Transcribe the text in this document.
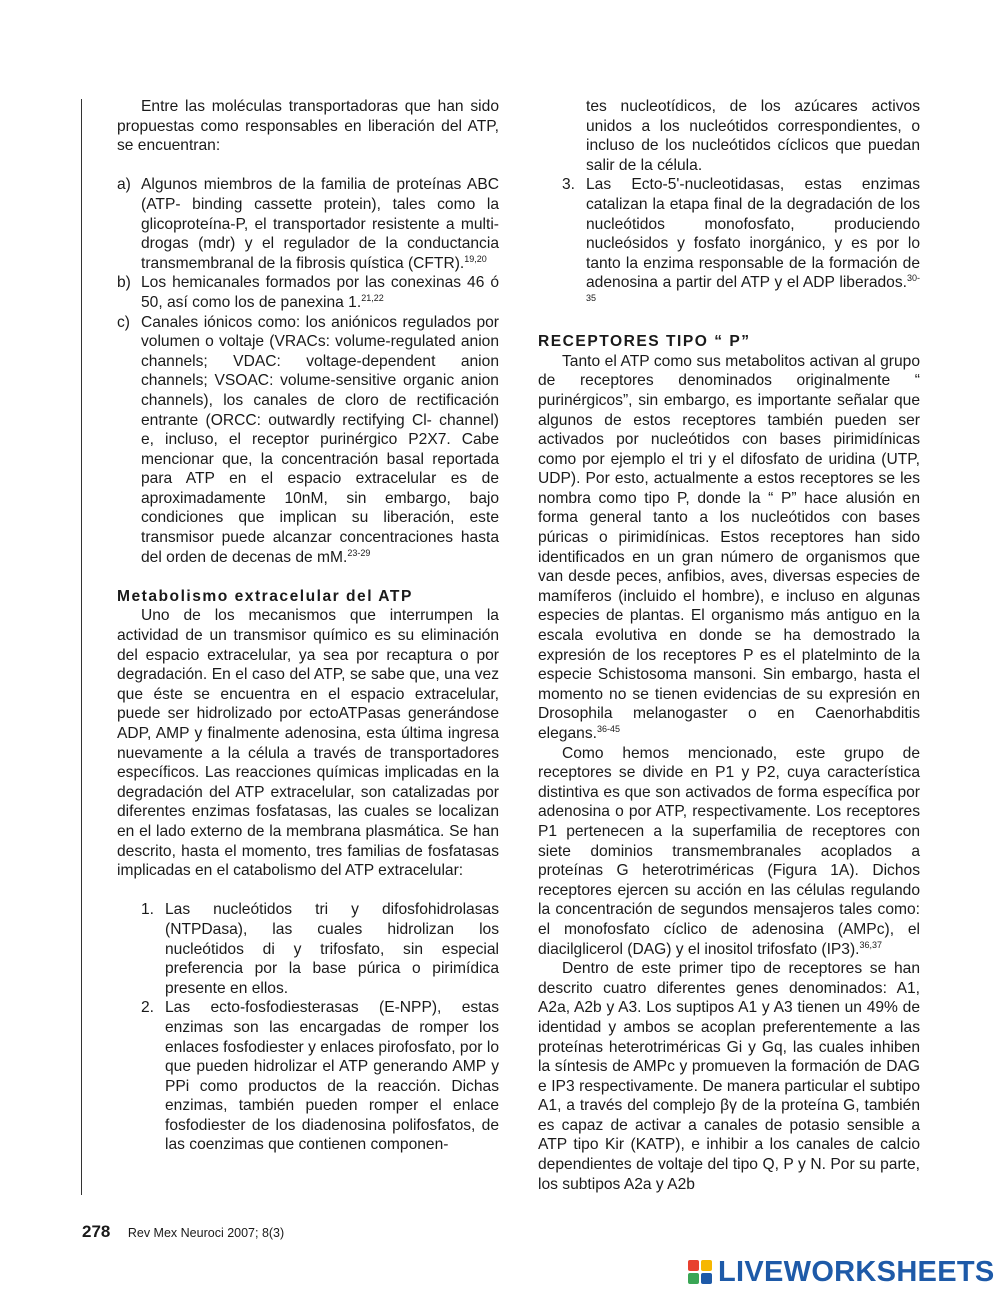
Entre las moléculas transportadoras que han sido propuestas como responsables en liberación del ATP, se encuentran:

a) Algunos miembros de la familia de proteínas ABC (ATP- binding cassette protein), tales como la glicoproteína-P, el transportador resistente a multi-drogas (mdr) y el regulador de la conductancia transmembranal de la fibrosis quística (CFTR).$^{19,20}$
b) Los hemicanales formados por las conexinas 46 ó 50, así como los de panexina 1.$^{21,22}$
c) Canales iónicos como: los aniónicos regulados por volumen o voltaje (VRACs: volume-regulated anion channels; VDAC: voltage-dependent anion channels; VSOAC: volume-sensitive organic anion channels), los canales de cloro de rectificación entrante (ORCC: outwardly rectifying Cl- channel) e, incluso, el receptor purinérgico P2X7. Cabe mencionar que, la concentración basal reportada para ATP en el espacio extracelular es de aproximadamente 10nM, sin embargo, bajo condiciones que implican su liberación, este transmisor puede alcanzar concentraciones hasta del orden de decenas de mM.$^{23-29}$

Metabolismo extracelular del ATP

Uno de los mecanismos que interrumpen la actividad de un transmisor químico es su eliminación del espacio extracelular, ya sea por recaptura o por degradación. En el caso del ATP, se sabe que, una vez que éste se encuentra en el espacio extracelular, puede ser hidrolizado por ectoATPasas generándose ADP, AMP y finalmente adenosina, esta última ingresa nuevamente a la célula a través de transportadores específicos. Las reacciones químicas implicadas en la degradación del ATP extracelular, son catalizadas por diferentes enzimas fosfatasas, las cuales se localizan en el lado externo de la membrana plasmática. Se han descrito, hasta el momento, tres familias de fosfatasas implicadas en el catabolismo del ATP extracelular:

1. Las nucleótidos tri y difosfohidrolasas (NTPDasa), las cuales hidrolizan los nucleótidos di y trifosfato, sin especial preferencia por la base púrica o pirimídica presente en ellos.
2. Las ecto-fosfodiesterasas (E-NPP), estas enzimas son las encargadas de romper los enlaces fosfodiester y enlaces pirofosfato, por lo que pueden hidrolizar el ATP generando AMP y PPi como productos de la reacción. Dichas enzimas, también pueden romper el enlace fosfodiester de los diadenosina polifosfatos, de las coenzimas que contienen componen-
tes nucleotídicos, de los azúcares activos unidos a los nucleótidos correspondientes, o incluso de los nucleótidos cíclicos que puedan salir de la célula.
3. Las Ecto-5'-nucleotidasas, estas enzimas catalizan la etapa final de la degradación de los nucleótidos monofosfato, produciendo nucleósidos y fosfato inorgánico, y es por lo tanto la enzima responsable de la formación de adenosina a partir del ATP y el ADP liberados.$^{30-35}$

RECEPTORES TIPO “ P”

Tanto el ATP como sus metabolitos activan al grupo de receptores denominados originalmente “ purinérgicos”, sin embargo, es importante señalar que algunos de estos receptores también pueden ser activados por nucleótidos con bases pirimidínicas como por ejemplo el tri y el difosfato de uridina (UTP, UDP). Por esto, actualmente a estos receptores se les nombra como tipo P, donde la “ P” hace alusión en forma general tanto a los nucleótidos con bases púricas o pirimidínicas. Estos receptores han sido identificados en un gran número de organismos que van desde peces, anfibios, aves, diversas especies de mamíferos (incluido el hombre), e incluso en algunas especies de plantas. El organismo más antiguo en la escala evolutiva en donde se ha demostrado la expresión de los receptores P es el platelminto de la especie Schistosoma mansoni. Sin embargo, hasta el momento no se tienen evidencias de su expresión en Drosophila melanogaster o en Caenorhabditis elegans.$^{36-45}$

Como hemos mencionado, este grupo de receptores se divide en P1 y P2, cuya característica distintiva es que son activados de forma específica por adenosina o por ATP, respectivamente. Los receptores P1 pertenecen a la superfamilia de receptores con siete dominios transmembranales acoplados a proteínas G heterotriméricas (Figura 1A). Dichos receptores ejercen su acción en las células regulando la concentración de segundos mensajeros tales como: el monofosfato cíclico de adenosina (AMPc), el diacilglicerol (DAG) y el inositol trifosfato (IP3).$^{36,37}$

Dentro de este primer tipo de receptores se han descrito cuatro diferentes genes denominados: A1, A2a, A2b y A3. Los suptipos A1 y A3 tienen un 49% de identidad y ambos se acoplan preferentemente a las proteínas heterotriméricas Gi y Gq, las cuales inhiben la síntesis de AMPc y promueven la formación de DAG e IP3 respectivamente. De manera particular el subtipo A1, a través del complejo βγ de la proteína G, también es capaz de activar a canales de potasio sensible a ATP tipo Kir (KATP), e inhibir a los canales de calcio dependientes de voltaje del tipo Q, P y N. Por su parte, los subtipos A2a y A2b

278 Rev Mex Neuroci 2007; 8(3)
LIVEWORKSHEETS
